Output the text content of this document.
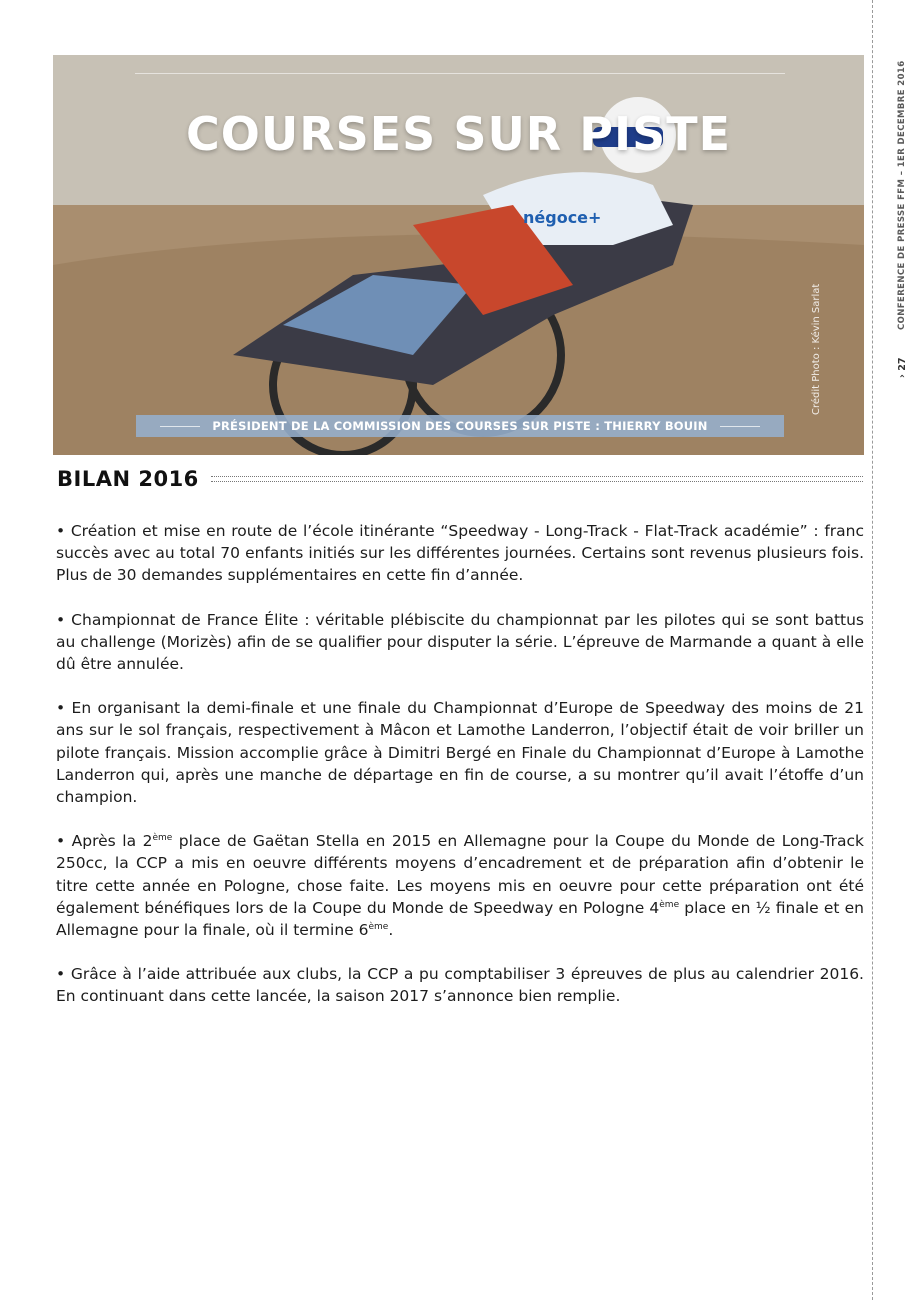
› 27
CONFERENCE DE PRESSE FFM – 1ER DECEMBRE 2016
négoce+
COURSES SUR PISTE
Crédit Photo : Kévin Sarlat
PRÉSIDENT DE LA COMMISSION DES COURSES SUR PISTE : THIERRY BOUIN
BILAN 2016

• Création et mise en route de l’école itinérante “Speedway - Long-Track - Flat-Track académie” : franc succès avec au total 70 enfants initiés sur les différentes journées. Certains sont revenus plusieurs fois. Plus de 30 demandes supplémentaires en cette fin d’année.

• Championnat de France Élite : véritable plébiscite du championnat par les pilotes qui se sont battus au challenge (Morizès) afin de se qualifier pour disputer la série. L’épreuve de Marmande a quant à elle dû être annulée.

• En organisant la demi-finale et une finale du Championnat d’Europe de Speedway des moins de 21 ans sur le sol français, respectivement à Mâcon et Lamothe Landerron, l’objectif était de voir briller un pilote français. Mission accomplie grâce à Dimitri Bergé en Finale du Championnat d’Europe à Lamothe Landerron qui, après une manche de départage en fin de course, a su montrer qu’il avait l’étoffe d’un champion.

• Après la 2ème place de Gaëtan Stella en 2015 en Allemagne pour la Coupe du Monde de Long-Track 250cc, la CCP a mis en oeuvre différents moyens d’encadrement et de préparation afin d’obtenir le titre cette année en Pologne, chose faite. Les moyens mis en oeuvre pour cette préparation ont été également bénéfiques lors de la Coupe du Monde de Speedway en Pologne 4ème place en ½ finale et en Allemagne pour la finale, où il termine 6ème.

• Grâce à l’aide attribuée aux clubs, la CCP a pu comptabiliser 3 épreuves de plus au calendrier 2016. En continuant dans cette lancée, la saison 2017 s’annonce bien remplie.
